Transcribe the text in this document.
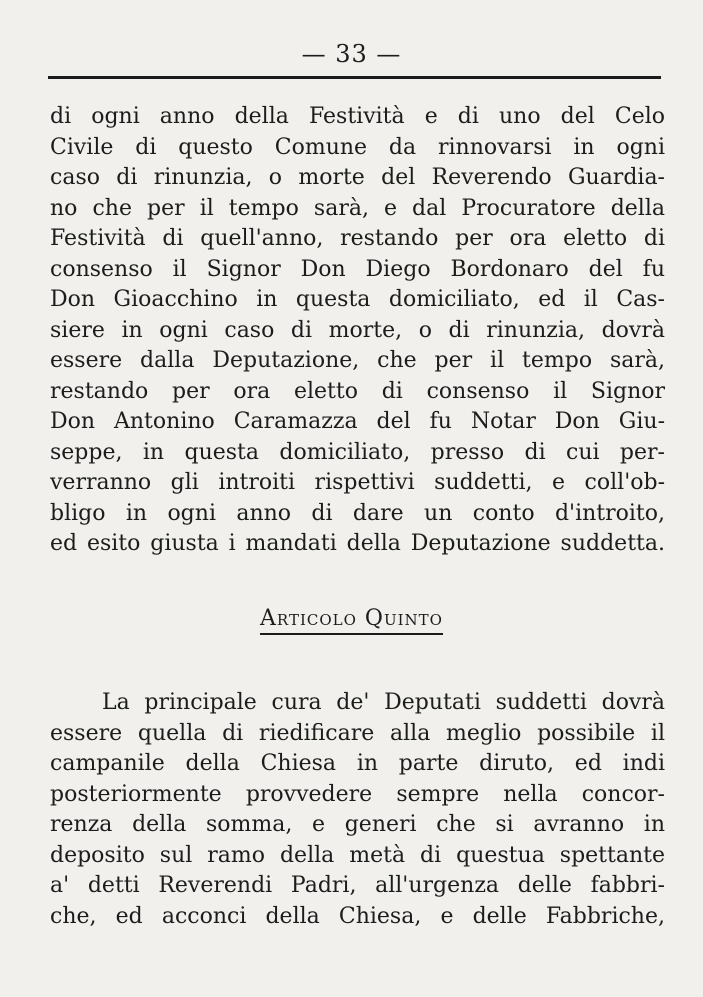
— 33 —
di ogni anno della Festività e di uno del Celo
Civile di questo Comune da rinnovarsi in ogni
caso di rinunzia, o morte del Reverendo Guardia-
no che per il tempo sarà, e dal Procuratore della
Festività di quell'anno, restando per ora eletto di
consenso il Signor Don Diego Bordonaro del fu
Don Gioacchino in questa domiciliato, ed il Cas-
siere in ogni caso di morte, o di rinunzia, dovrà
essere dalla Deputazione, che per il tempo sarà,
restando per ora eletto di consenso il Signor
Don Antonino Caramazza del fu Notar Don Giu-
seppe, in questa domiciliato, presso di cui per-
verranno gli introiti rispettivi suddetti, e coll'ob-
bligo in ogni anno di dare un conto d'introito,
ed esito giusta i mandati della Deputazione suddetta.
Articolo Quinto
La principale cura de' Deputati suddetti dovrà
essere quella di riedificare alla meglio possibile il
campanile della Chiesa in parte diruto, ed indi
posteriormente provvedere sempre nella concor-
renza della somma, e generi che si avranno in
deposito sul ramo della metà di questua spettante
a' detti Reverendi Padri, all'urgenza delle fabbri-
che, ed acconci della Chiesa, e delle Fabbriche,
